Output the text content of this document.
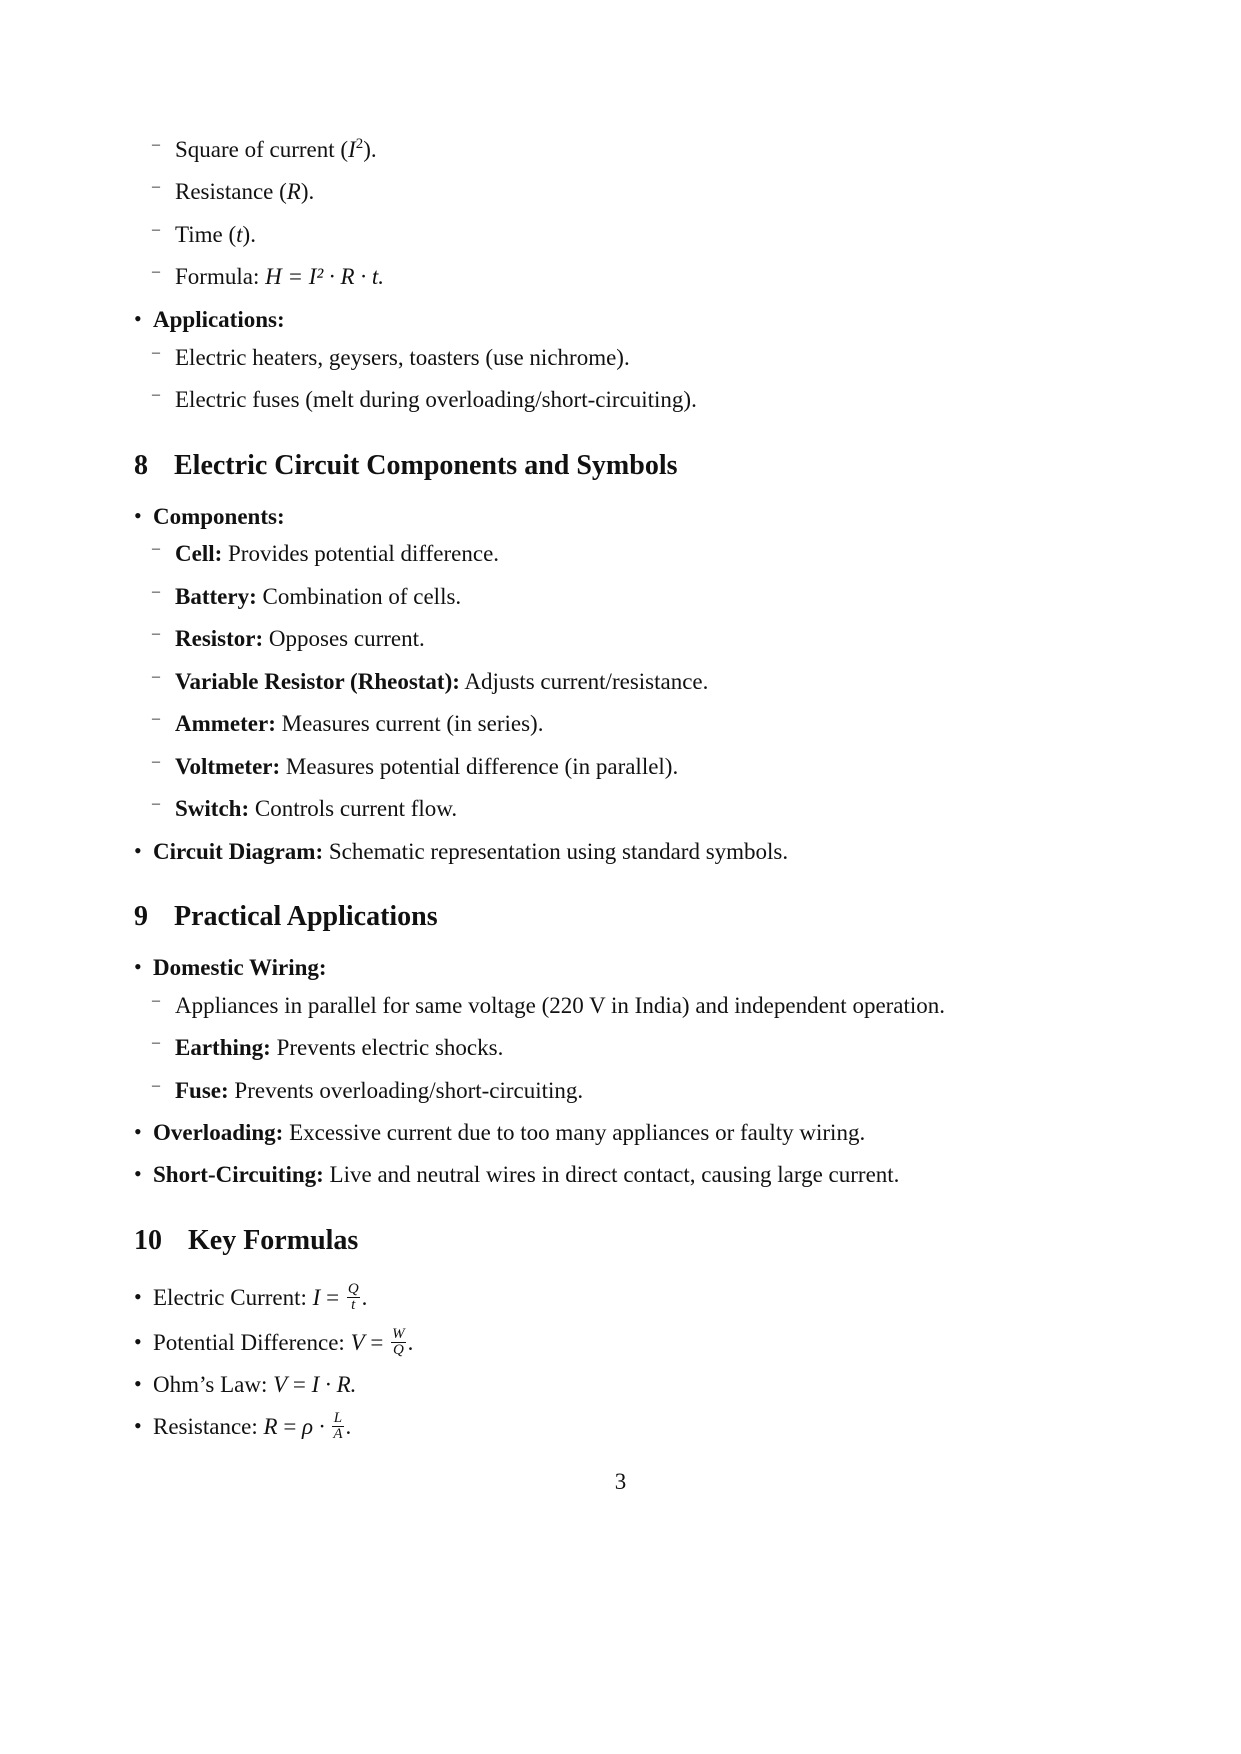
– Square of current $(I^2)$.
– Resistance (R).
– Time (t).
– Formula: H = I² · R · t.
• Applications:
– Electric heaters, geysers, toasters (use nichrome).
– Electric fuses (melt during overloading/short-circuiting).
8 Electric Circuit Components and Symbols
• Components:
– Cell: Provides potential difference.
– Battery: Combination of cells.
– Resistor: Opposes current.
– Variable Resistor (Rheostat): Adjusts current/resistance.
– Ammeter: Measures current (in series).
– Voltmeter: Measures potential difference (in parallel).
– Switch: Controls current flow.
• Circuit Diagram: Schematic representation using standard symbols.
9 Practical Applications
• Domestic Wiring:
– Appliances in parallel for same voltage (220 V in India) and independent operation.
– Earthing: Prevents electric shocks.
– Fuse: Prevents overloading/short-circuiting.
• Overloading: Excessive current due to too many appliances or faulty wiring.
• Short-Circuiting: Live and neutral wires in direct contact, causing large current.
10 Key Formulas
• Electric Current: $I = \frac{Q}{t}$ .
• Potential Difference: $V = \frac{W}{Q}$ .
• Ohm’s Law: V = I · R.
• Resistance: $R = \rho \cdot \frac{L}{A}$ .
3
